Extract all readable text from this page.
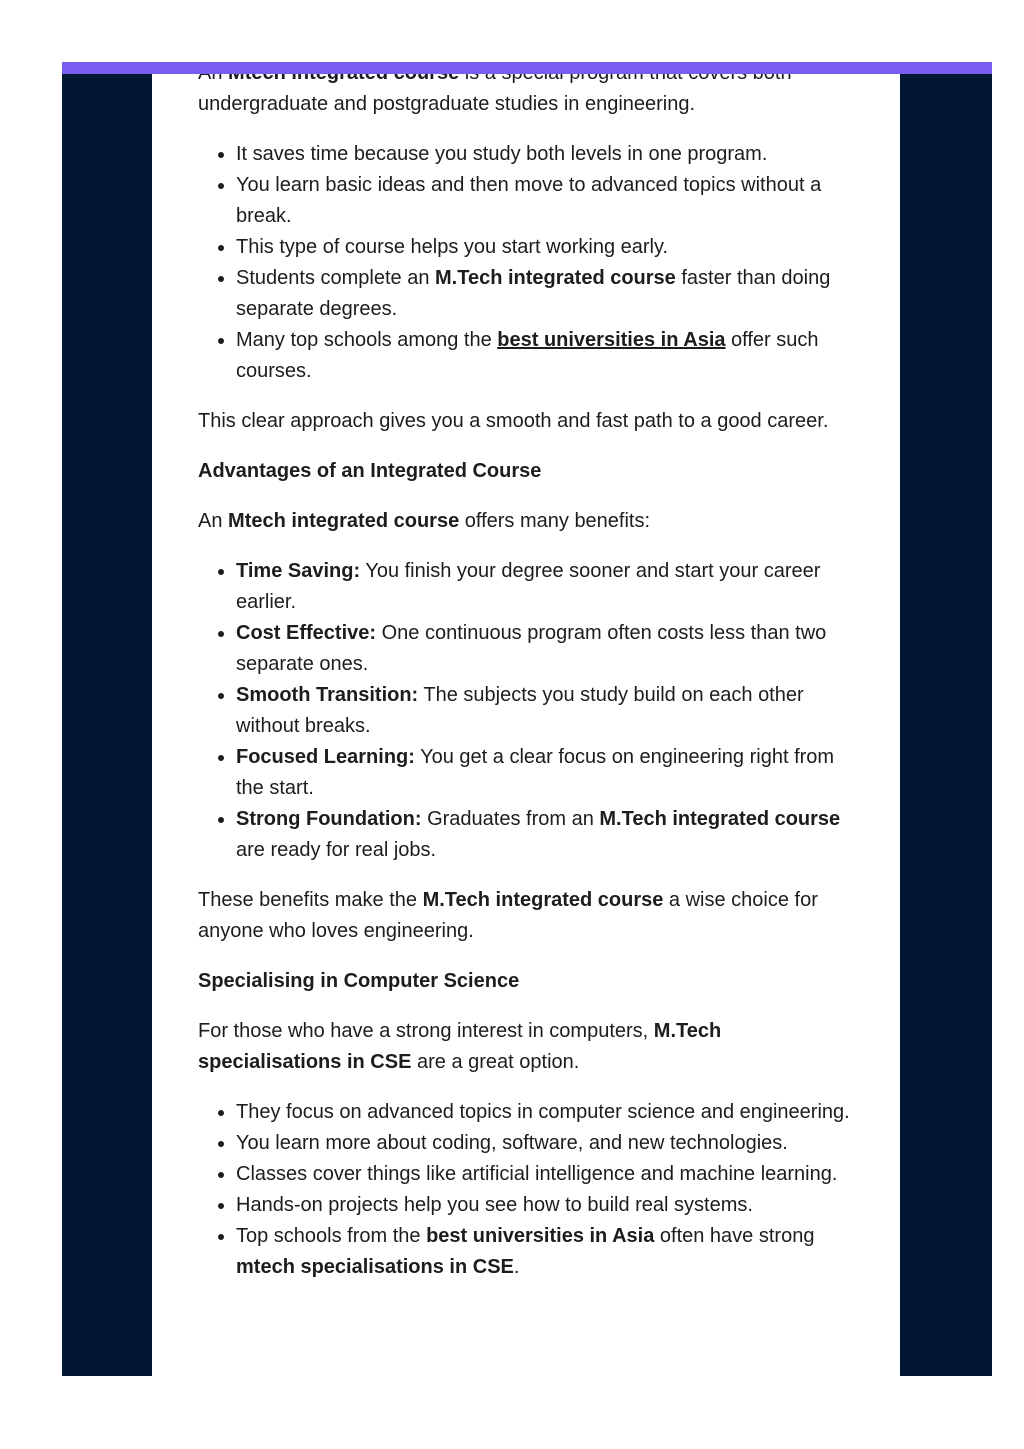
undergraduate and postgraduate studies in engineering.

• It saves time because you study both levels in one program.
• You learn basic ideas and then move to advanced topics without a break.
• This type of course helps you start working early.
• Students complete an M.Tech integrated course faster than doing separate degrees.
• Many top schools among the best universities in Asia offer such courses.

This clear approach gives you a smooth and fast path to a good career.

Advantages of an Integrated Course

An Mtech integrated course offers many benefits:

• Time Saving: You finish your degree sooner and start your career earlier.
• Cost Effective: One continuous program often costs less than two separate ones.
• Smooth Transition: The subjects you study build on each other without breaks.
• Focused Learning: You get a clear focus on engineering right from the start.
• Strong Foundation: Graduates from an M.Tech integrated course are ready for real jobs.

These benefits make the M.Tech integrated course a wise choice for anyone who loves engineering.

Specialising in Computer Science

For those who have a strong interest in computers, M.Tech specialisations in CSE are a great option.

• They focus on advanced topics in computer science and engineering.
• You learn more about coding, software, and new technologies.
• Classes cover things like artificial intelligence and machine learning.
• Hands-on projects help you see how to build real systems.
• Top schools from the best universities in Asia often have strong mtech specialisations in CSE.
